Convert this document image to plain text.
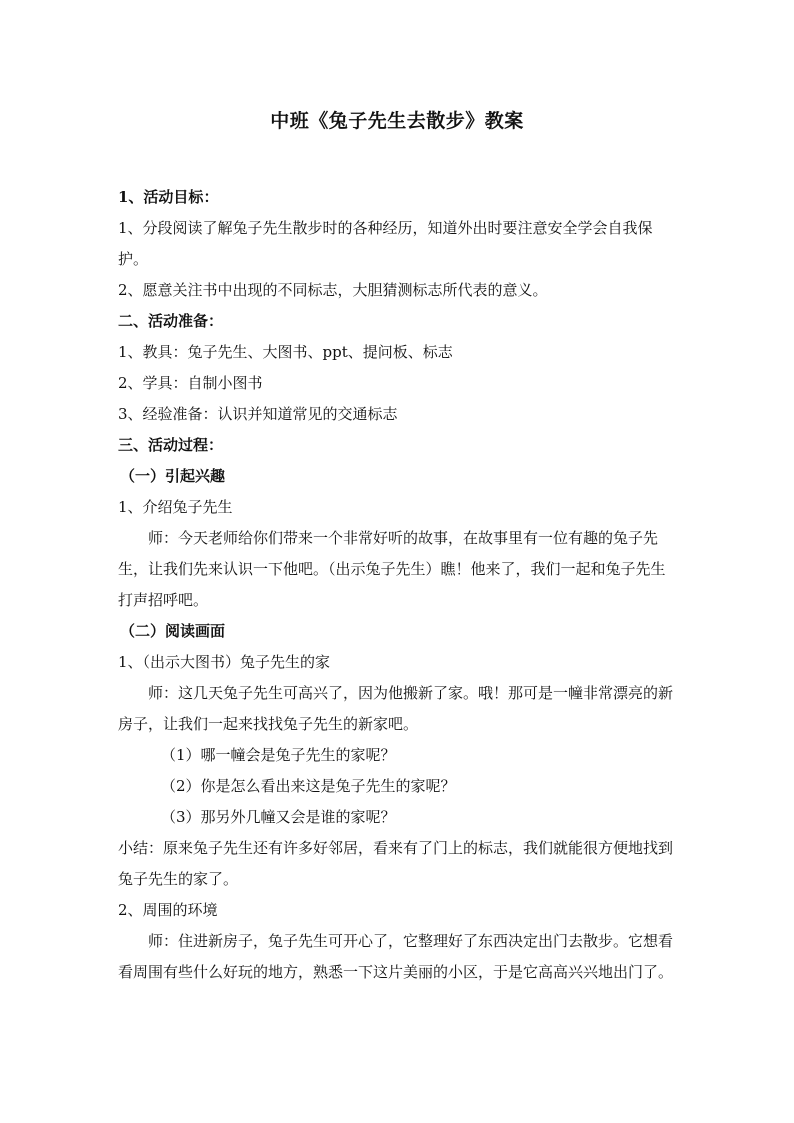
中班《兔子先生去散步》教案
1、活动目标：
1、分段阅读了解兔子先生散步时的各种经历，知道外出时要注意安全学会自我保护。
2、愿意关注书中出现的不同标志，大胆猜测标志所代表的意义。
二、活动准备：
1、教具：兔子先生、大图书、ppt、提问板、标志
2、学具：自制小图书
3、经验准备：认识并知道常见的交通标志
三、活动过程：
（一）引起兴趣
1、介绍兔子先生
师：今天老师给你们带来一个非常好听的故事，在故事里有一位有趣的兔子先生，让我们先来认识一下他吧。（出示兔子先生）瞧！他来了，我们一起和兔子先生打声招呼吧。
（二）阅读画面
1、（出示大图书）兔子先生的家
师：这几天兔子先生可高兴了，因为他搬新了家。哦！那可是一幢非常漂亮的新房子，让我们一起来找找兔子先生的新家吧。
（1）哪一幢会是兔子先生的家呢？
（2）你是怎么看出来这是兔子先生的家呢？
（3）那另外几幢又会是谁的家呢？
小结：原来兔子先生还有许多好邻居，看来有了门上的标志，我们就能很方便地找到兔子先生的家了。
2、周围的环境
师：住进新房子，兔子先生可开心了，它整理好了东西决定出门去散步。它想看看周围有些什么好玩的地方，熟悉一下这片美丽的小区，于是它高高兴兴地出门了。
